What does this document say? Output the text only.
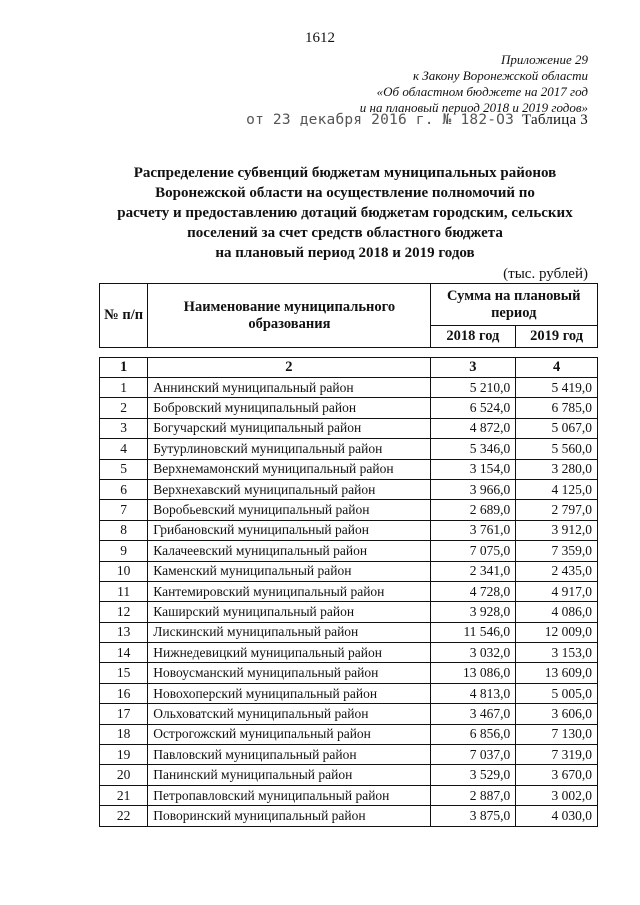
1612
Приложение 29
к Закону Воронежской области
«Об областном бюджете на 2017 год
и на плановый период 2018 и 2019 годов»
от 23 декабря 2016 г. № 182-ОЗ Таблица 3
Распределение субвенций бюджетам муниципальных районов
Воронежской области на осуществление полномочий по
расчету и предоставлению дотаций бюджетам городским, сельских
поселений за счет средств областного бюджета
на плановый период 2018 и 2019 годов
(тыс. рублей)
№ п/п	Наименование муниципального образования	Сумма на плановый период	
		2018 год	2019 год

1	2	3	4
1	Аннинский муниципальный район	5 210,0	5 419,0
2	Бобровский муниципальный район	6 524,0	6 785,0
3	Богучарский муниципальный район	4 872,0	5 067,0
4	Бутурлиновский муниципальный район	5 346,0	5 560,0
5	Верхнемамонский муниципальный район	3 154,0	3 280,0
6	Верхнехавский муниципальный район	3 966,0	4 125,0
7	Воробьевский муниципальный район	2 689,0	2 797,0
8	Грибановский муниципальный район	3 761,0	3 912,0
9	Калачеевский муниципальный район	7 075,0	7 359,0
10	Каменский муниципальный район	2 341,0	2 435,0
11	Кантемировский муниципальный район	4 728,0	4 917,0
12	Каширский муниципальный район	3 928,0	4 086,0
13	Лискинский муниципальный район	11 546,0	12 009,0
14	Нижнедевицкий муниципальный район	3 032,0	3 153,0
15	Новоусманский муниципальный район	13 086,0	13 609,0
16	Новохоперский муниципальный район	4 813,0	5 005,0
17	Ольховатский муниципальный район	3 467,0	3 606,0
18	Острогожский муниципальный район	6 856,0	7 130,0
19	Павловский муниципальный район	7 037,0	7 319,0
20	Панинский муниципальный район	3 529,0	3 670,0
21	Петропавловский муниципальный район	2 887,0	3 002,0
22	Поворинский муниципальный район	3 875,0	4 030,0
